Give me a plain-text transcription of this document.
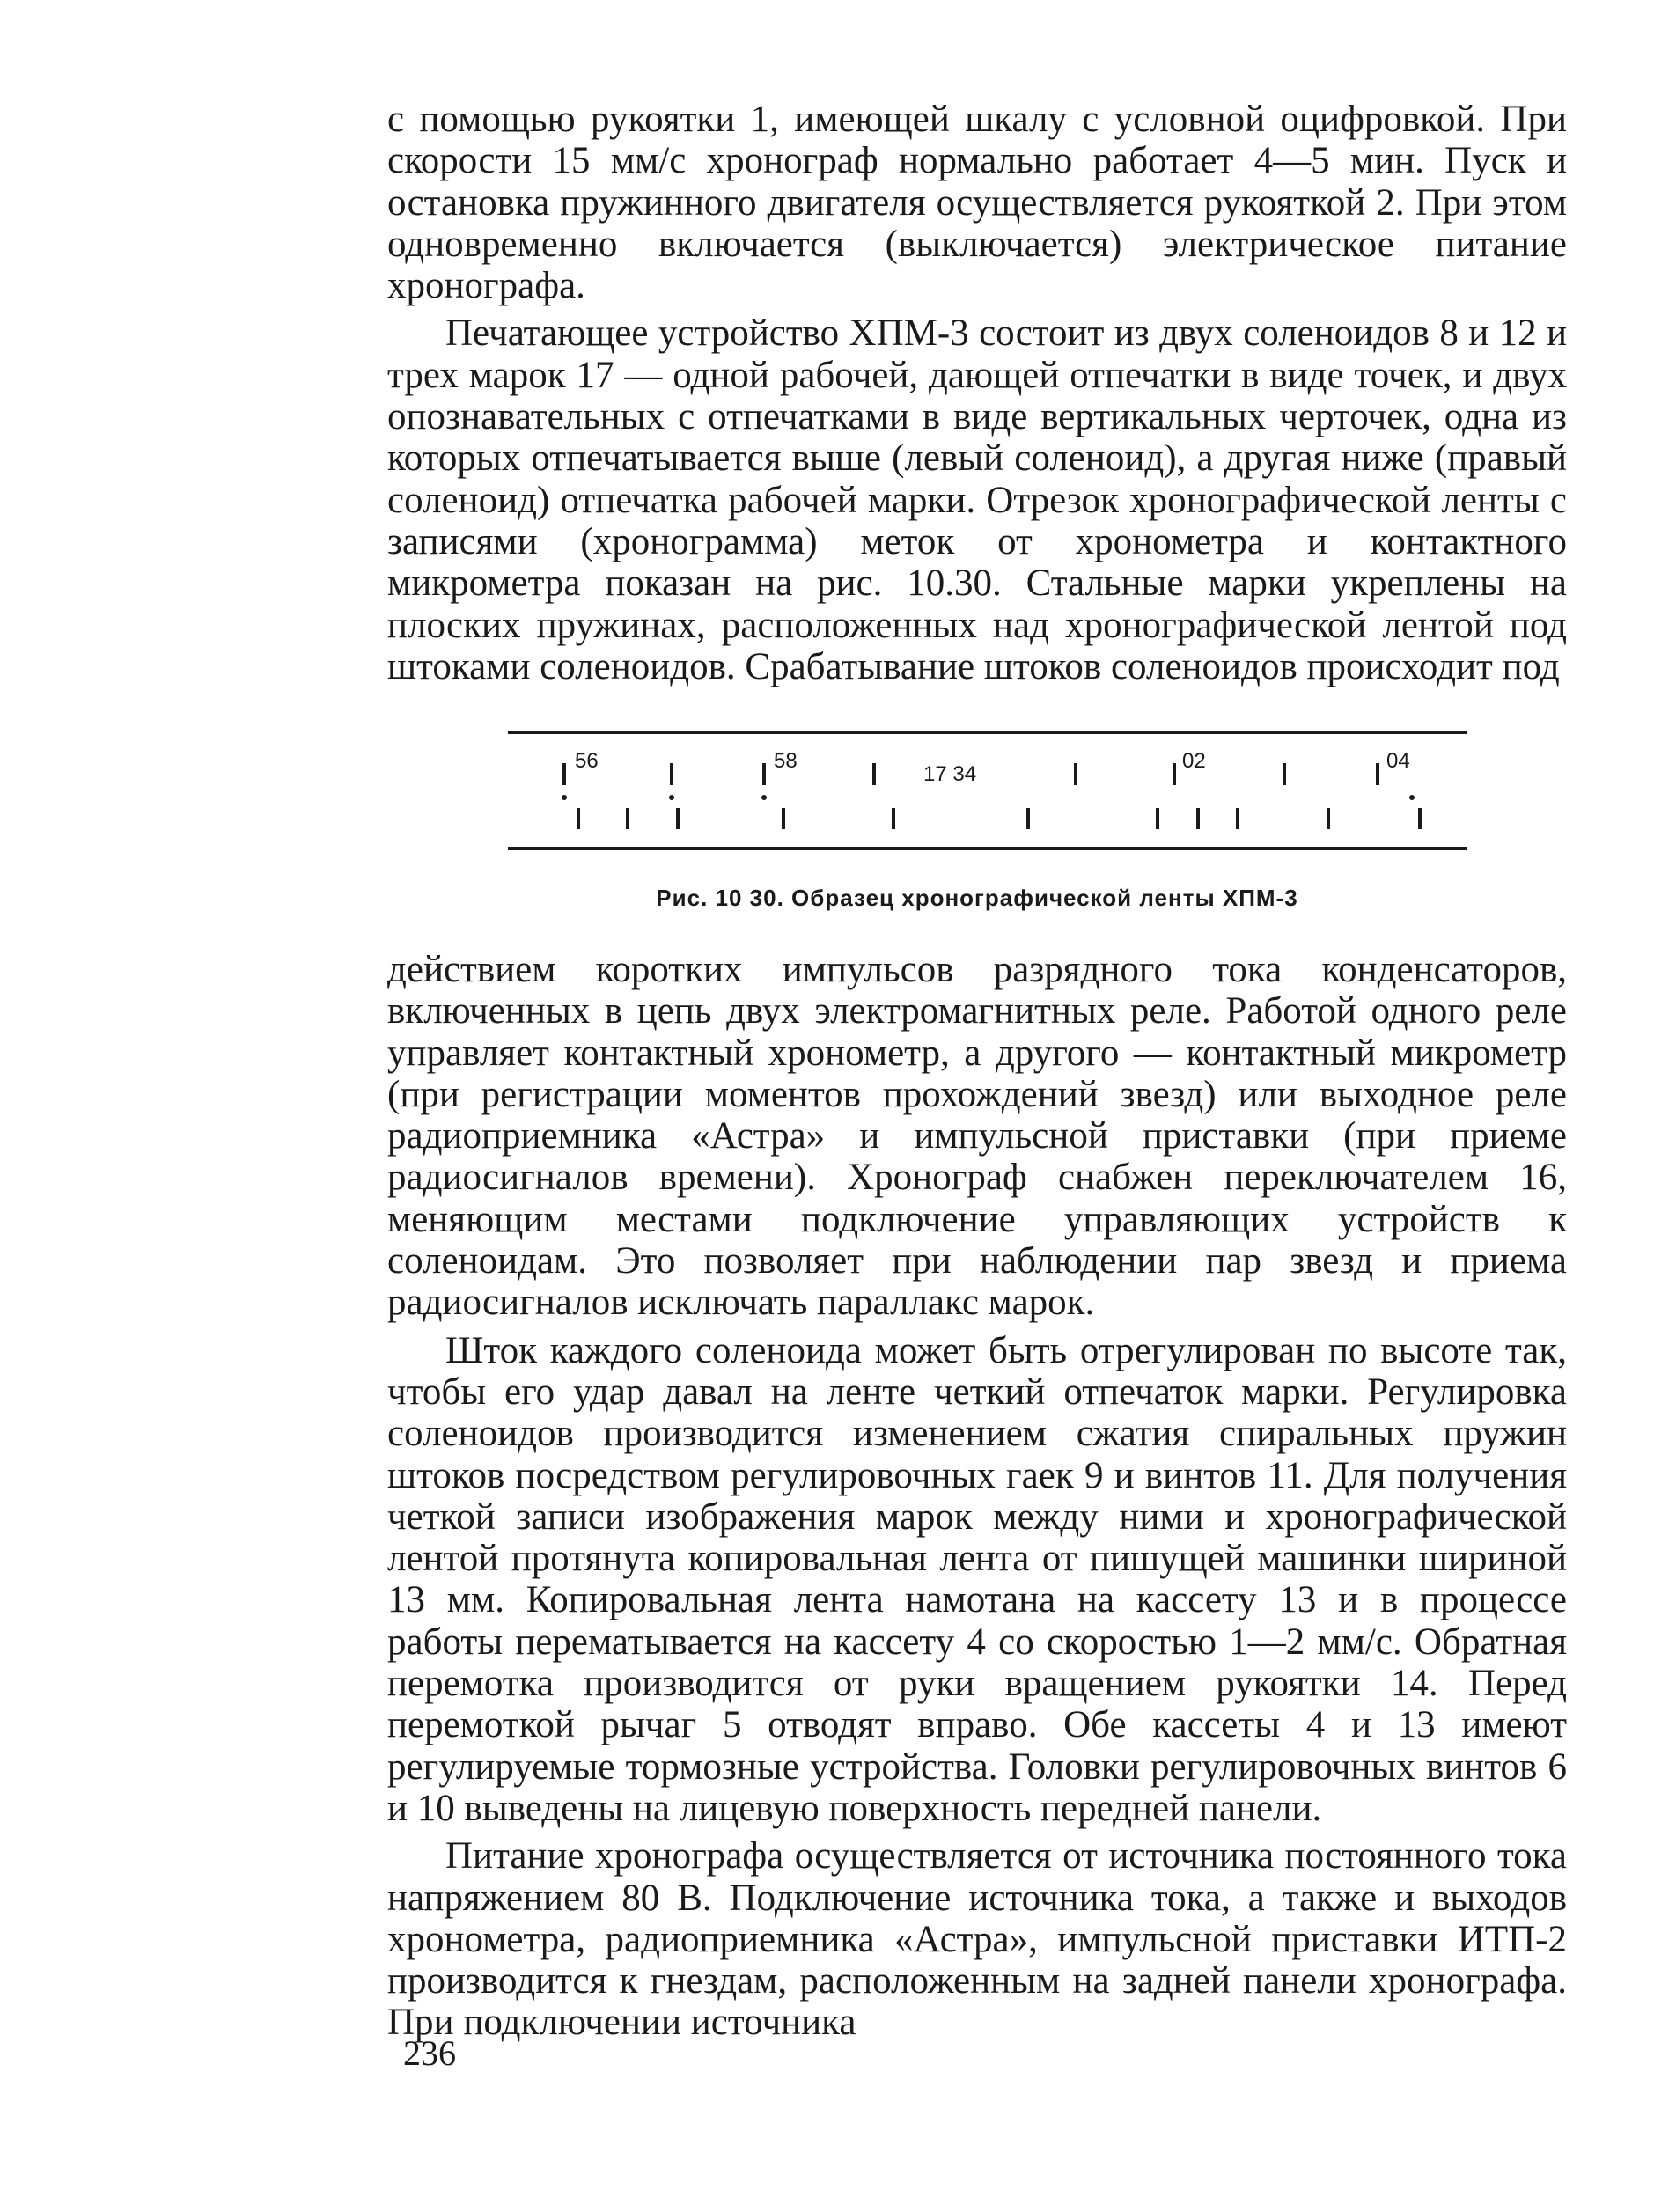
с помощью рукоятки 1, имеющей шкалу с условной оцифровкой. При скорости 15 мм/с хронограф нормально работает 4—5 мин. Пуск и остановка пружинного двигателя осуществляется рукояткой 2. При этом одновременно включается (выключается) электрическое питание хронографа.

Печатающее устройство ХПМ-3 состоит из двух соленоидов 8 и 12 и трех марок 17 — одной рабочей, дающей отпечатки в виде точек, и двух опознавательных с отпечатками в виде вертикальных черточек, одна из которых отпечатывается выше (левый соленоид), а другая ниже (правый соленоид) отпечатка рабочей марки. Отрезок хронографической ленты с записями (хронограмма) меток от хронометра и контактного микрометра показан на рис. 10.30. Стальные марки укреплены на плоских пружинах, расположенных над хронографической лентой под штоками соленоидов. Срабатывание штоков соленоидов происходит под

56	58
17 34
02	04
Рис. 10 30. Образец хронографической ленты ХПМ-3

действием коротких импульсов разрядного тока конденсаторов, включенных в цепь двух электромагнитных реле. Работой одного реле управляет контактный хронометр, а другого — контактный микрометр (при регистрации моментов прохождений звезд) или выходное реле радиоприемника «Астра» и импульсной приставки (при приеме радиосигналов времени). Хронограф снабжен переключателем 16, меняющим местами подключение управляющих устройств к соленоидам. Это позволяет при наблюдении пар звезд и приема радиосигналов исключать параллакс марок.

Шток каждого соленоида может быть отрегулирован по высоте так, чтобы его удар давал на ленте четкий отпечаток марки. Регулировка соленоидов производится изменением сжатия спиральных пружин штоков посредством регулировочных гаек 9 и винтов 11. Для получения четкой записи изображения марок между ними и хронографической лентой протянута копировальная лента от пишущей машинки шириной 13 мм. Копировальная лента намотана на кассету 13 и в процессе работы перематывается на кассету 4 со скоростью 1—2 мм/с. Обратная перемотка производится от руки вращением рукоятки 14. Перед перемоткой рычаг 5 отводят вправо. Обе кассеты 4 и 13 имеют регулируемые тормозные устройства. Головки регулировочных винтов 6 и 10 выведены на лицевую поверхность передней панели.

Питание хронографа осуществляется от источника постоянного тока напряжением 80 В. Подключение источника тока, а также и выходов хронометра, радиоприемника «Астра», импульсной приставки ИТП-2 производится к гнездам, расположенным на задней панели хронографа. При подключении источника

236
